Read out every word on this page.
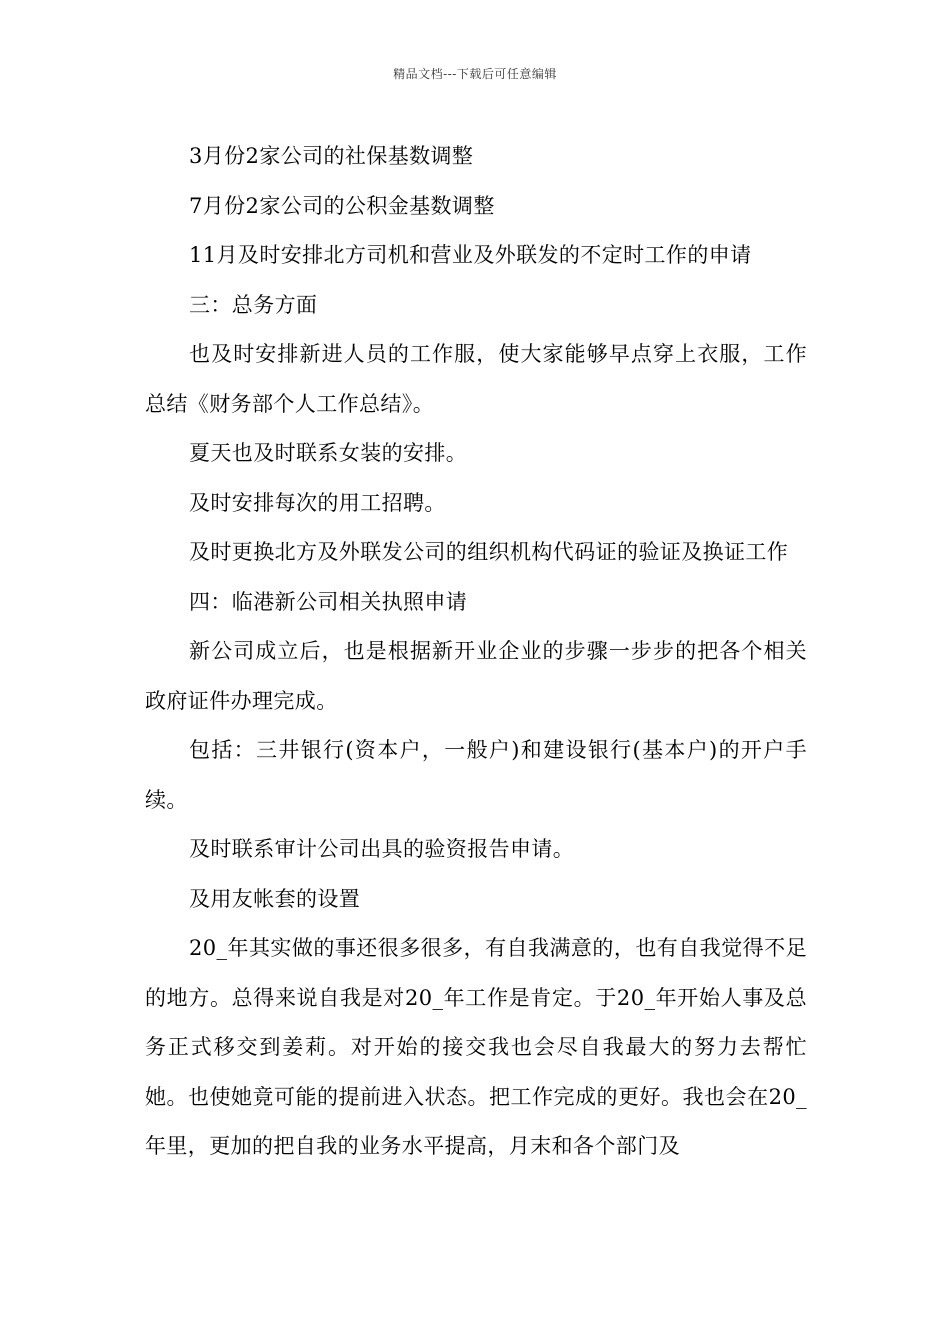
精品文档---下载后可任意编辑

3月份2家公司的社保基数调整

7月份2家公司的公积金基数调整

11月及时安排北方司机和营业及外联发的不定时工作的申请

三：总务方面

也及时安排新进人员的工作服，使大家能够早点穿上衣服，工作总结《财务部个人工作总结》。

夏天也及时联系女装的安排。

及时安排每次的用工招聘。

及时更换北方及外联发公司的组织机构代码证的验证及换证工作

四：临港新公司相关执照申请

新公司成立后，也是根据新开业企业的步骤一步步的把各个相关政府证件办理完成。

包括：三井银行(资本户，一般户)和建设银行(基本户)的开户手续。

及时联系审计公司出具的验资报告申请。

及用友帐套的设置

20_年其实做的事还很多很多，有自我满意的，也有自我觉得不足的地方。总得来说自我是对20_年工作是肯定。于20_年开始人事及总务正式移交到姜莉。对开始的接交我也会尽自我最大的努力去帮忙她。也使她竟可能的提前进入状态。把工作完成的更好。我也会在20_年里，更加的把自我的业务水平提高，月末和各个部门及
